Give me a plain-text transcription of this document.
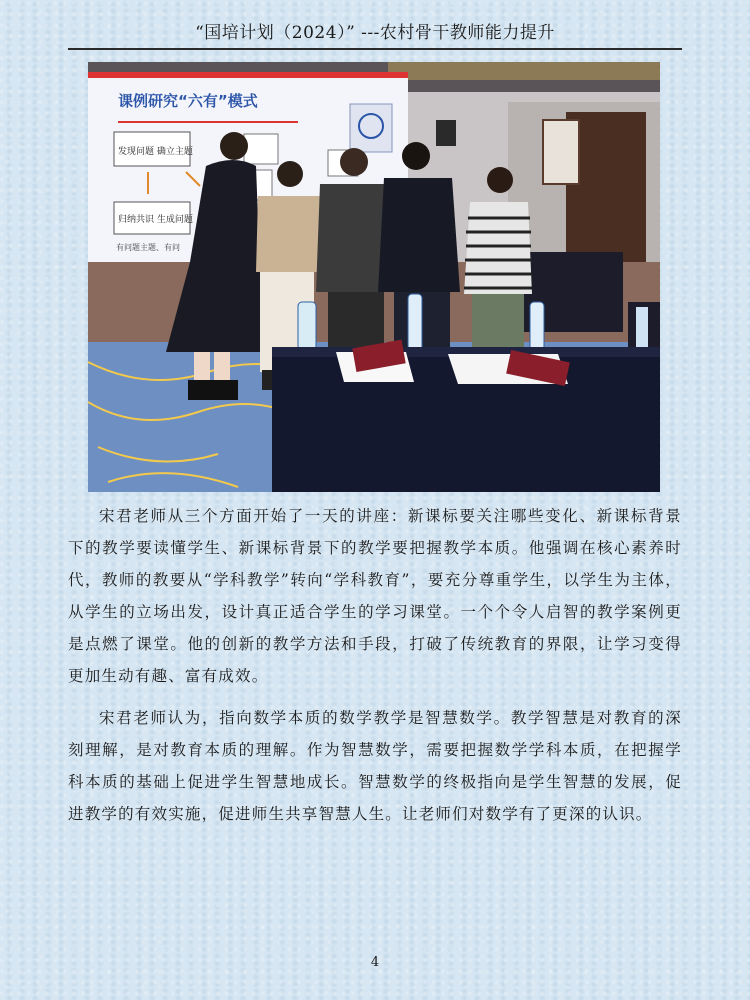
“国培计划（2024）” ---农村骨干教师能力提升
课例研究“六有”模式
发现问题 确立主题
归纳共识 生成问题
有问题主题、有问

宋君老师从三个方面开始了一天的讲座：新课标要关注哪些变化、新课标背景下的教学要读懂学生、新课标背景下的教学要把握教学本质。他强调在核心素养时代，教师的教要从“学科教学”转向“学科教育”，要充分尊重学生，以学生为主体，从学生的立场出发，设计真正适合学生的学习课堂。一个个令人启智的教学案例更是点燃了课堂。他的创新的教学方法和手段，打破了传统教育的界限，让学习变得更加生动有趣、富有成效。

宋君老师认为，指向数学本质的数学教学是智慧数学。教学智慧是对教育的深刻理解，是对教育本质的理解。作为智慧数学，需要把握数学学科本质，在把握学科本质的基础上促进学生智慧地成长。智慧数学的终极指向是学生智慧的发展，促进教学的有效实施，促进师生共享智慧人生。让老师们对数学有了更深的认识。

4
